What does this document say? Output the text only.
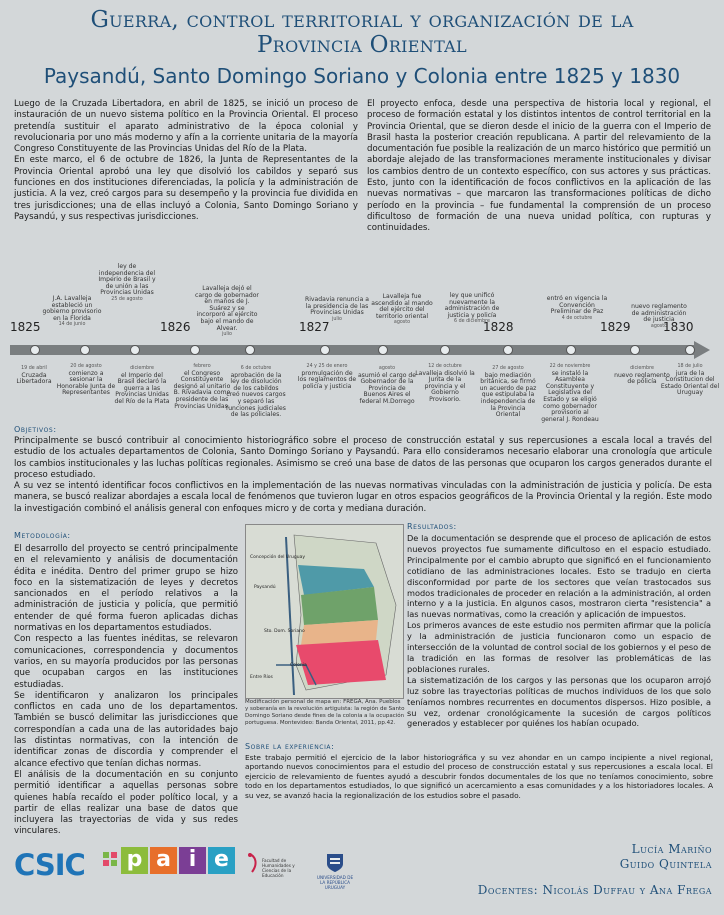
Guerra, control territorial y organización de la
Provincia Oriental
Paysandú, Santo Domingo Soriano y Colonia entre 1825 y 1830

Luego de la Cruzada Libertadora, en abril de 1825, se inició un proceso de instauración de un nuevo sistema político en la Provincia Oriental. El proceso pretendía sustituir el aparato administrativo de la época colonial y revolucionaria por uno más moderno y afín a la corriente unitaria de la mayoría Congreso Constituyente de las Provincias Unidas del Río de la Plata.

En este marco, el 6 de octubre de 1826, la Junta de Representantes de la Provincia Oriental aprobó una ley que disolvió los cabildos y separó sus funciones en dos instituciones diferenciadas, la policía y la administración de justicia. A la vez, creó cargos para su desempeño y la provincia fue dividida en tres jurisdicciones; una de ellas incluyó a Colonia, Santo Domingo Soriano y Paysandú, y sus respectivas jurisdicciones.

El proyecto enfoca, desde una perspectiva de historia local y regional, el proceso de formación estatal y los distintos intentos de control territorial en la Provincia Oriental, que se dieron desde el inicio de la guerra con el Imperio de Brasil hasta la posterior creación republicana. A partir del relevamiento de la documentación fue posible la realización de un marco histórico que permitió un abordaje alejado de las transformaciones meramente institucionales y divisar los cambios dentro de un contexto específico, con sus actores y sus prácticas. Esto, junto con la identificación de focos conflictivos en la aplicación de las nuevas normativas – que marcaron las transformaciones políticas de dicho período en la provincia – fue fundamental la comprensión de un proceso dificultoso de formación de una nueva unidad política, con rupturas y continuidades.

1825	1826	1827	1828	1829	1830
J.A. Lavalleja estableció un gobierno provisorio en la Florida
14 de junio
ley de independencia del Imperio de Brasil y de unión a las Provincias Unidas
25 de agosto
Lavalleja dejó el cargo de gobernador en manos de J. Suárez y se incorporó al ejército bajo el mando de Alvear.
julio
Rivadavia renuncia a la presidencia de las Provincias Unidas
julio
Lavalleja fue ascendido al mando del ejército del territorio oriental
agosto
ley que unificó nuevamente la administración de justicia y policía
6 de diciembre
entró en vigencia la Convención Preliminar de Paz
4 de octubre
nuevo reglamento de administración de justicia
agosto
19 de abril
Cruzada Libertadora
20 de agosto
comienzo a sesionar la Honorable Junta de Representantes
diciembre
el Imperio del Brasil declaró la guerra a las Provincias Unidas del Río de la Plata
febrero
el Congreso Constituyente designó al unitario B. Rivadavia como presidente de las Provincias Unidas.
6 de octubre
aprobación de la ley de disolución de los cabildos creó nuevos cargos y separó las funciones judiciales de las policiales.
24 y 25 de enero
promulgación de los reglamentos de policía y justicia
agosto
asumió el cargo de Gobernador de la Provincia de Buenos Aires el federal M.Dorrego
12 de octubre
Lavalleja disolvió la Junta de la provincia y el Gobierno Provisorio.
27 de agosto
bajo mediación británica, se firmó un acuerdo de paz que estipulaba la independencia de la Provincia Oriental
22 de noviembre
se instaló la Asamblea Constituyente y Legislativa del Estado y se eligió como gobernador provisorio al general J. Rondeau
diciembre
nuevo reglamento de policía
18 de julio
jura de la Constitucion del Estado Oriental del Uruguay
Objetivos:

Principalmente se buscó contribuir al conocimiento historiográfico sobre el proceso de construcción estatal y sus repercusiones a escala local a través del estudio de los actuales departamentos de Colonia, Santo Domingo Soriano y Paysandú. Para ello consideramos necesario elaborar una cronología que articule los cambios institucionales y las luchas políticas regionales. Asimismo se creó una base de datos de las personas que ocuparon los cargos generados durante el proceso estudiado.

A su vez se intentó identificar focos conflictivos en la implementación de las nuevas normativas vinculadas con la administración de justicia y policía. De esta manera, se buscó realizar abordajes a escala local de fenómenos que tuvieron lugar en otros espacios geográficos de la Provincia Oriental y la región. Este modo la investigación combinó el análisis general con enfoques micro y de corta y mediana duración.

Metodología:

El desarrollo del proyecto se centró principalmente en el relevamiento y análisis de documentación édita e inédita. Dentro del primer grupo se hizo foco en la sistematización de leyes y decretos sancionados en el período relativos a la administración de justicia y policía, que permitió entender de qué forma fueron aplicadas dichas normativas en los departamentos estudiados.

Con respecto a las fuentes inéditas, se relevaron comunicaciones, correspondencia y documentos varios, en su mayoría producidos por las personas que ocupaban cargos en las instituciones estudiadas.

Se identificaron y analizaron los principales conflictos en cada uno de los departamentos. También se buscó delimitar las jurisdicciones que correspondían a cada una de las autoridades bajo las distintas normativas, con la intención de identificar zonas de discordia y comprender el alcance efectivo que tenían dichas normas.

El análisis de la documentación en su conjunto permitió identificar a aquellas personas sobre quienes había recaído el poder político local, y a partir de ellas realizar una base de datos que incluyera las trayectorias de vida y sus redes vinculares.

Concepción del Uruguay
Paysandú
Sto. Dom. Soriano
Colonia
Entre Ríos
Modificación personal de mapa en: FREGA, Ana. Pueblos y soberanía en la revolución artiguista: la región de Santo Domingo Soriano desde fines de la colonia a la ocupación portuguesa. Montevideo: Banda Oriental, 2011, pp.42.
Sobre la experiencia:

Este trabajo permitió el ejercicio de la labor historiográfica y su vez ahondar en un campo incipiente a nivel regional, aportando nuevos conocimientos para el estudio del proceso de construcción estatal y sus repercusiones a escala local. El ejercicio de relevamiento de fuentes ayudó a descubrir fondos documentales de los que no teníamos conocimiento, sobre todo en los departamentos estudiados, lo que significó un acercamiento a esas comunidades y a los historiadores locales. A su vez, se avanzó hacia la regionalización de los estudios sobre el pasado.

Resultados:

De la documentación se desprende que el proceso de aplicación de estos nuevos proyectos fue sumamente dificultoso en el espacio estudiado. Principalmente por el cambio abrupto que significó en el funcionamiento cotidiano de las administraciones locales. Esto se tradujo en cierta disconformidad por parte de los sectores que veían trastocados sus modos tradicionales de proceder en relación a la administración, al orden interno y a la justicia. En algunos casos, mostraron cierta "resistencia" a las nuevas normativas, como la creación y aplicación de impuestos.

Los primeros avances de este estudio nos permiten afirmar que la policía y la administración de justicia funcionaron como un espacio de intersección de la voluntad de control social de los gobiernos y el peso de la tradición en las formas de resolver las problemáticas de las poblaciones rurales.

La sistematización de los cargos y las personas que los ocuparon arrojó luz sobre las trayectorias políticas de muchos individuos de los que solo teníamos nombres recurrentes en documentos dispersos. Hizo posible, a su vez, ordenar cronológicamente la sucesión de cargos políticos generados y establecer por quiénes los habían ocupado.

CSIC p a i e	Facultad de Humanidades y Ciencias de la Educación	UNIVERSIDAD DE LA REPÚBLICA URUGUAY
Lucía Mariño
Guido Quintela
Docentes: Nicolás Duffau y Ana Frega
